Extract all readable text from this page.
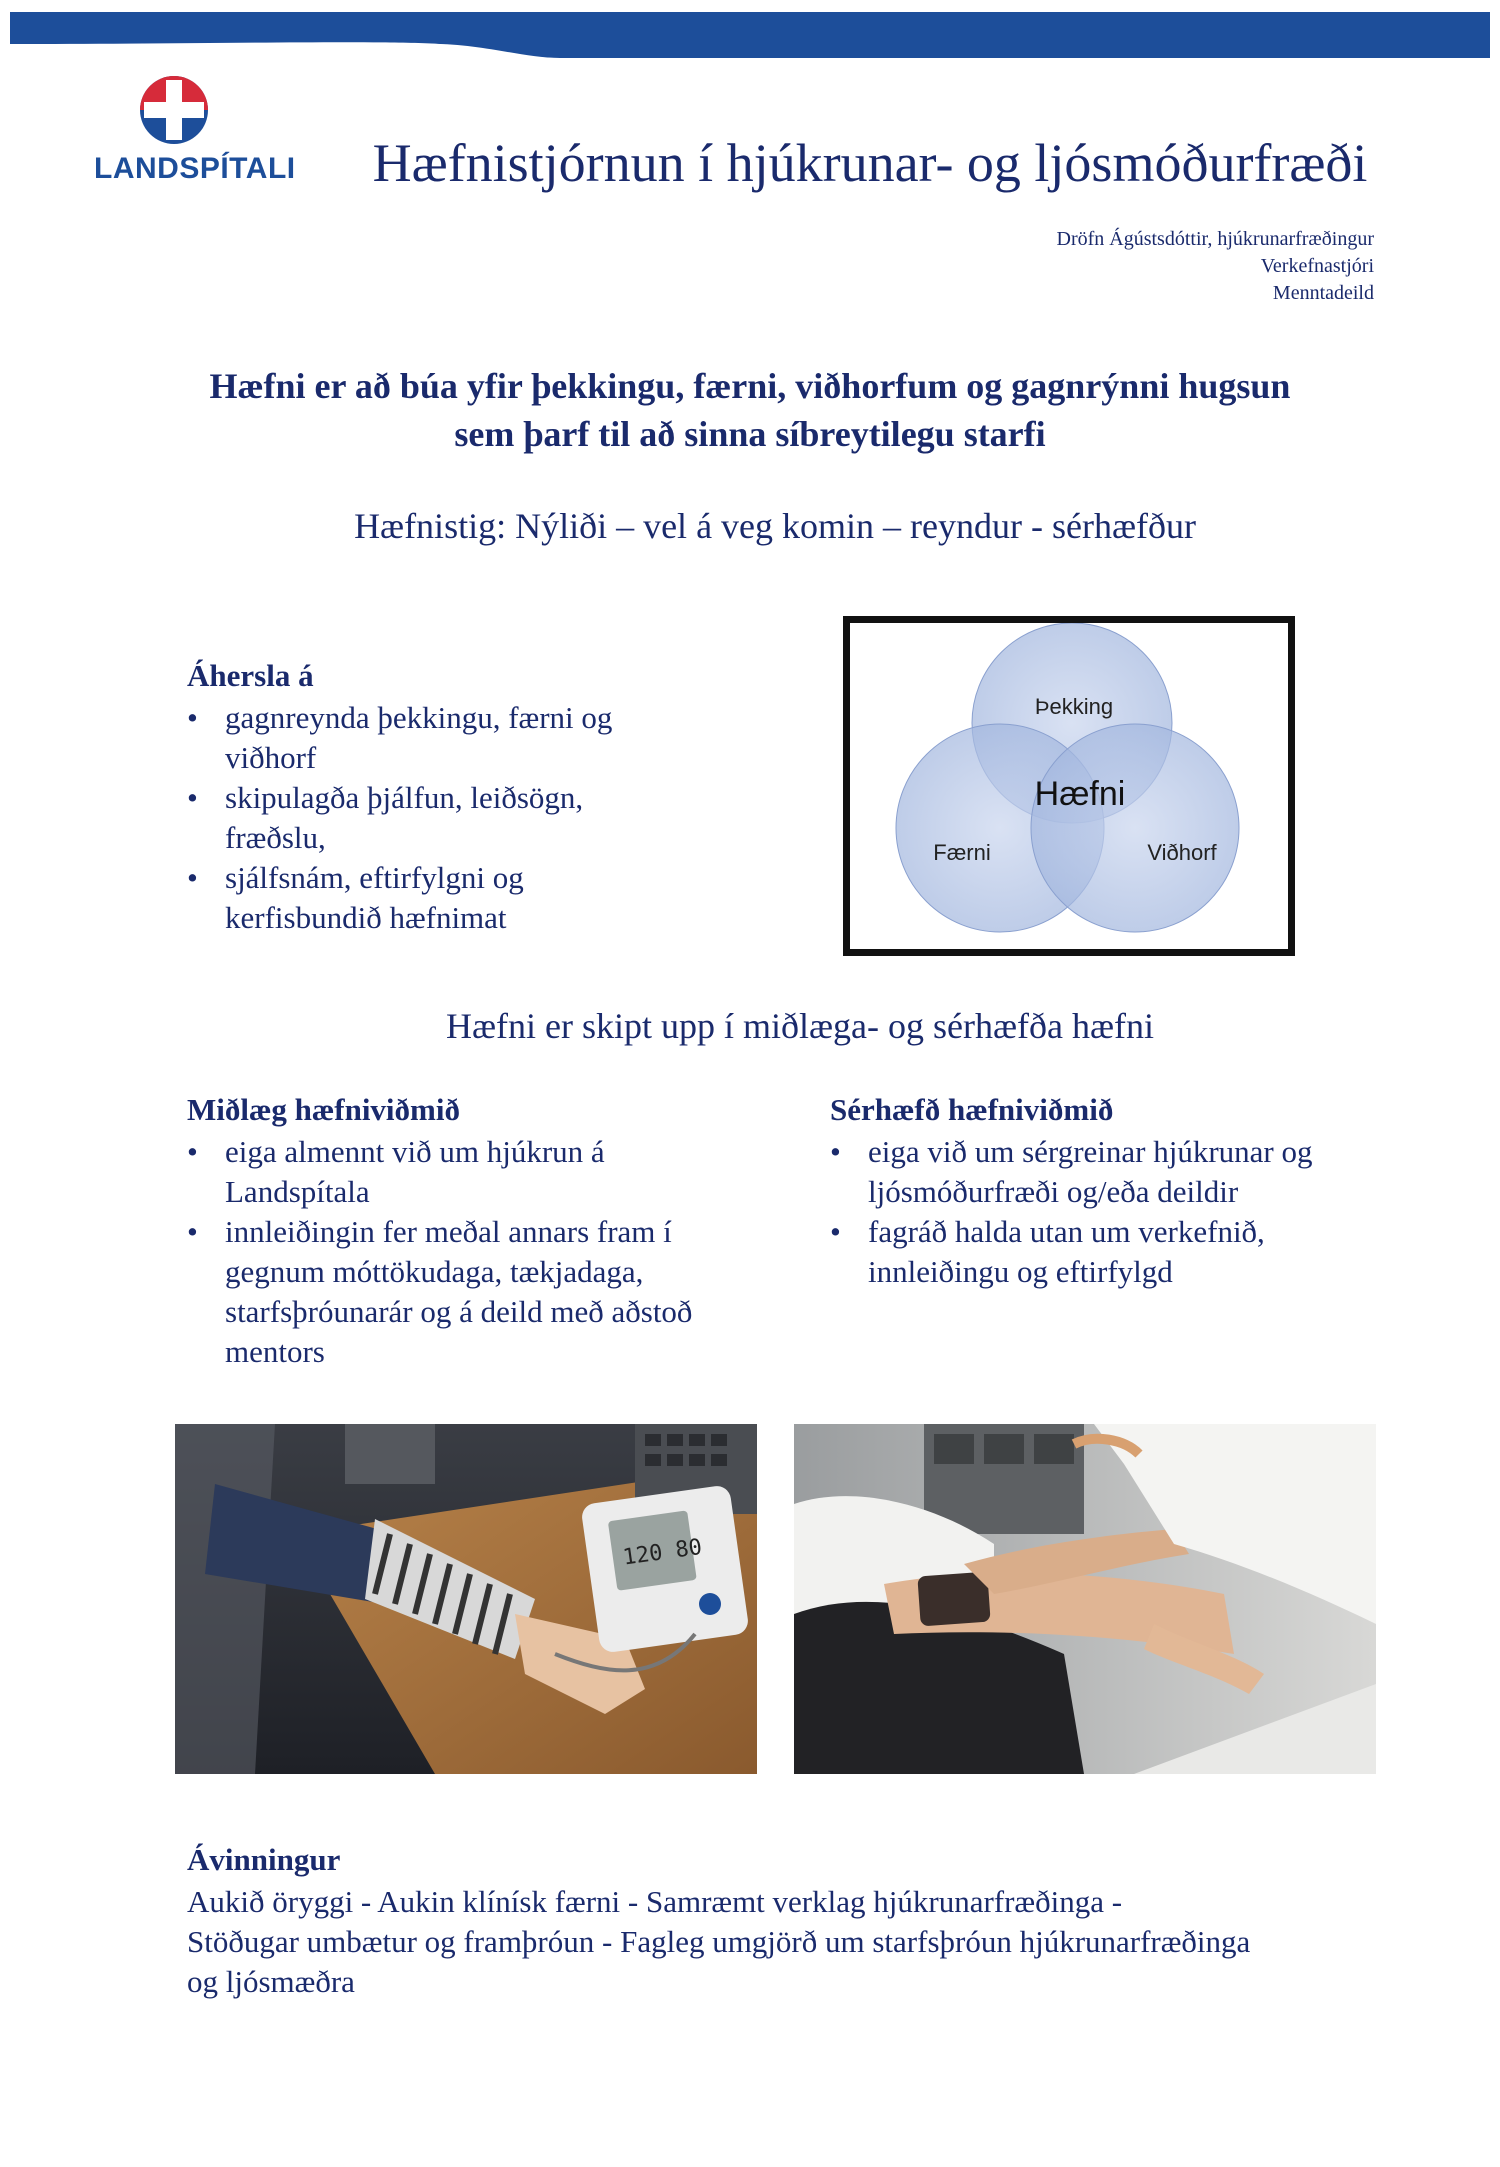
LANDSPÍTALI	Hæfnistjórnun í hjúkrunar- og ljósmóðurfræði
Dröfn Ágústsdóttir, hjúkrunarfræðingur
Verkefnastjóri
Menntadeild
Hæfni er að búa yfir þekkingu, færni, viðhorfum og gagnrýnni hugsun
sem þarf til að sinna síbreytilegu starfi
Hæfnistig: Nýliði – vel á veg komin – reyndur - sérhæfður
Áhersla á
• gagnreynda þekkingu, færni og viðhorf
• skipulagða þjálfun, leiðsögn, fræðslu,
• sjálfsnám, eftirfylgni og kerfisbundið hæfnimat
Þekking
Hæfni
Færni	Viðhorf
Hæfni er skipt upp í miðlæga- og sérhæfða hæfni
Miðlæg hæfniviðmið
• eiga almennt við um hjúkrun á Landspítala
• innleiðingin fer meðal annars fram í gegnum móttökudaga, tækjadaga, starfsþróunarár og á deild með aðstoð mentors
Sérhæfð hæfniviðmið
• eiga við um sérgreinar hjúkrunar og ljósmóðurfræði og/eða deildir
• fagráð halda utan um verkefnið, innleiðingu og eftirfylgd
120 80
Ávinningur
Aukið öryggi - Aukin klínísk færni - Samræmt verklag hjúkrunarfræðinga -
Stöðugar umbætur og framþróun - Fagleg umgjörð um starfsþróun hjúkrunarfræðinga
og ljósmæðra
